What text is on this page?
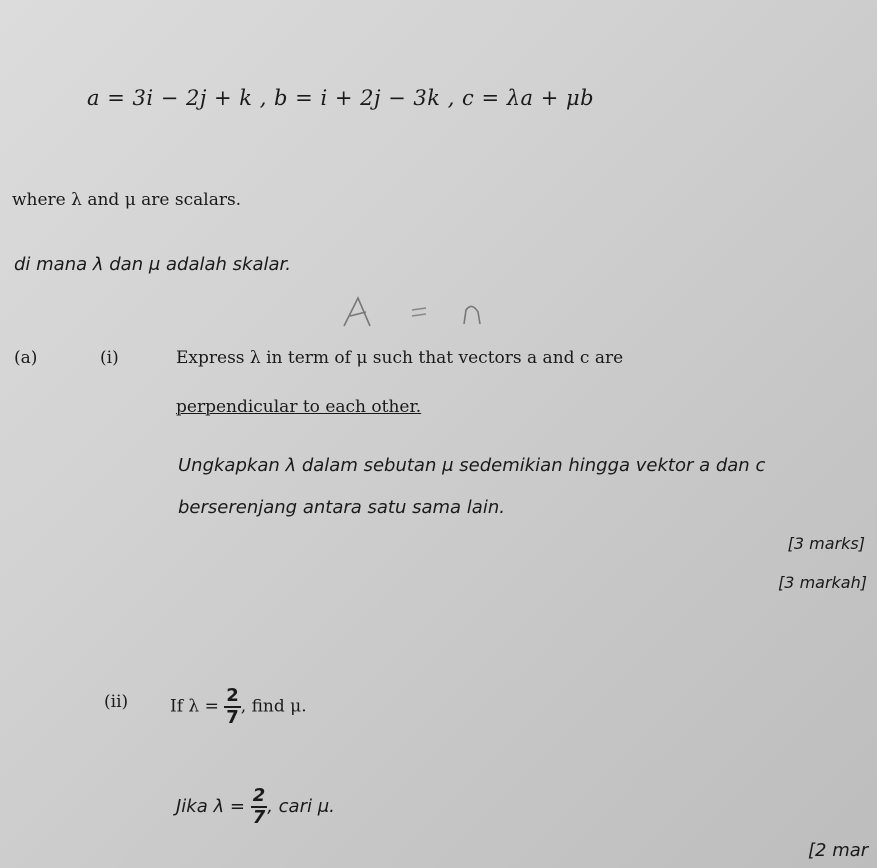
a = 3i − 2j + k , b = i + 2j − 3k , c = λa + μb
where λ and μ are scalars.
di mana λ dan μ adalah skalar.
(a)	(i)	Express λ in term of μ such that vectors a and c are
perpendicular to each other.
Ungkapkan λ dalam sebutan μ sedemikian hingga vektor a dan c
berserenjang antara satu sama lain.
[3 marks]
[3 markah]
(ii) If $\lambda = \frac{2}{7}$ , find μ.
Jika $\lambda = \frac{2}{7}$ , cari μ.
[2 mar
